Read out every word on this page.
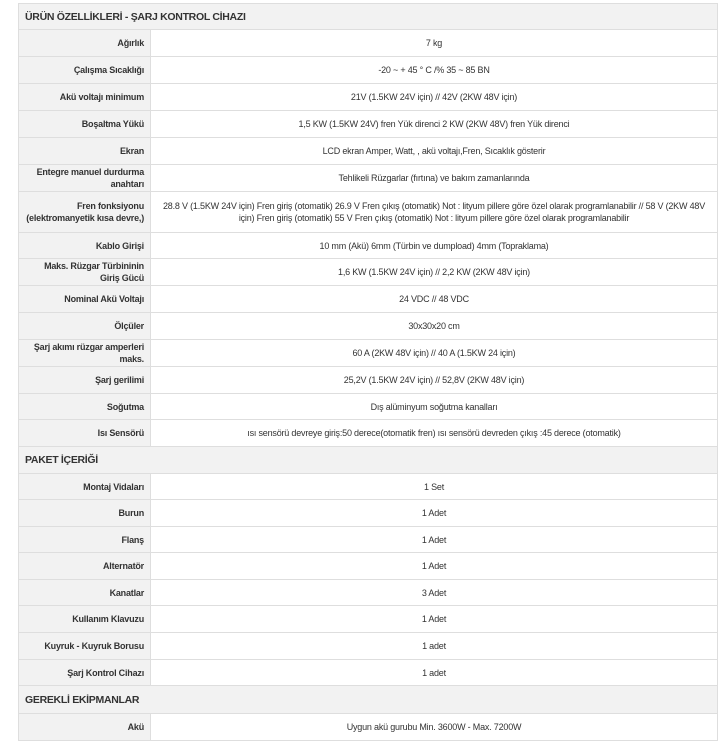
ÜRÜN ÖZELLİKLERİ - ŞARJ KONTROL CİHAZI	
Ağırlık	7 kg
Çalışma Sıcaklığı	-20 ~ + 45 ° C /% 35 ~ 85 BN
Akü voltajı minimum	21V (1.5KW 24V için) // 42V (2KW 48V için)
Boşaltma Yükü	1,5 KW (1.5KW 24V) fren Yük direnci 2 KW (2KW 48V) fren Yük direnci
Ekran	LCD ekran Amper, Watt, , akü voltajı,Fren, Sıcaklık gösterir
Entegre manuel durdurma anahtarı	Tehlikeli Rüzgarlar (fırtına) ve bakım zamanlarında
Fren fonksiyonu (elektromanyetik kısa devre,)	28.8 V (1.5KW 24V için) Fren giriş (otomatik) 26.9 V Fren çıkış (otomatik) Not : lityum pillere göre özel olarak programlanabilir // 58 V (2KW 48V için) Fren giriş (otomatik) 55 V Fren çıkış (otomatik) Not : lityum pillere göre özel olarak programlanabilir
Kablo Girişi	10 mm (Akü) 6mm (Türbin ve dumpload) 4mm (Topraklama)
Maks. Rüzgar Türbininin Giriş Gücü	1,6 KW (1.5KW 24V için) // 2,2 KW (2KW 48V için)
Nominal Akü Voltajı	24 VDC // 48 VDC
Ölçüler	30x30x20 cm
Şarj akımı rüzgar amperleri maks.	60 A (2KW 48V için) // 40 A (1.5KW 24 için)
Şarj gerilimi	25,2V (1.5KW 24V için) // 52,8V (2KW 48V için)
Soğutma	Dış alüminyum soğutma kanalları
Isı Sensörü	ısı sensörü devreye giriş:50 derece(otomatik fren) ısı sensörü devreden çıkış :45 derece (otomatik)
PAKET İÇERİĞİ	
Montaj Vidaları	1 Set
Burun	1 Adet
Flanş	1 Adet
Alternatör	1 Adet
Kanatlar	3 Adet
Kullanım Klavuzu	1 Adet
Kuyruk - Kuyruk Borusu	1 adet
Şarj Kontrol Cihazı	1 adet
GEREKLİ EKİPMANLAR	
Akü	Uygun akü gurubu Min. 3600W - Max. 7200W
